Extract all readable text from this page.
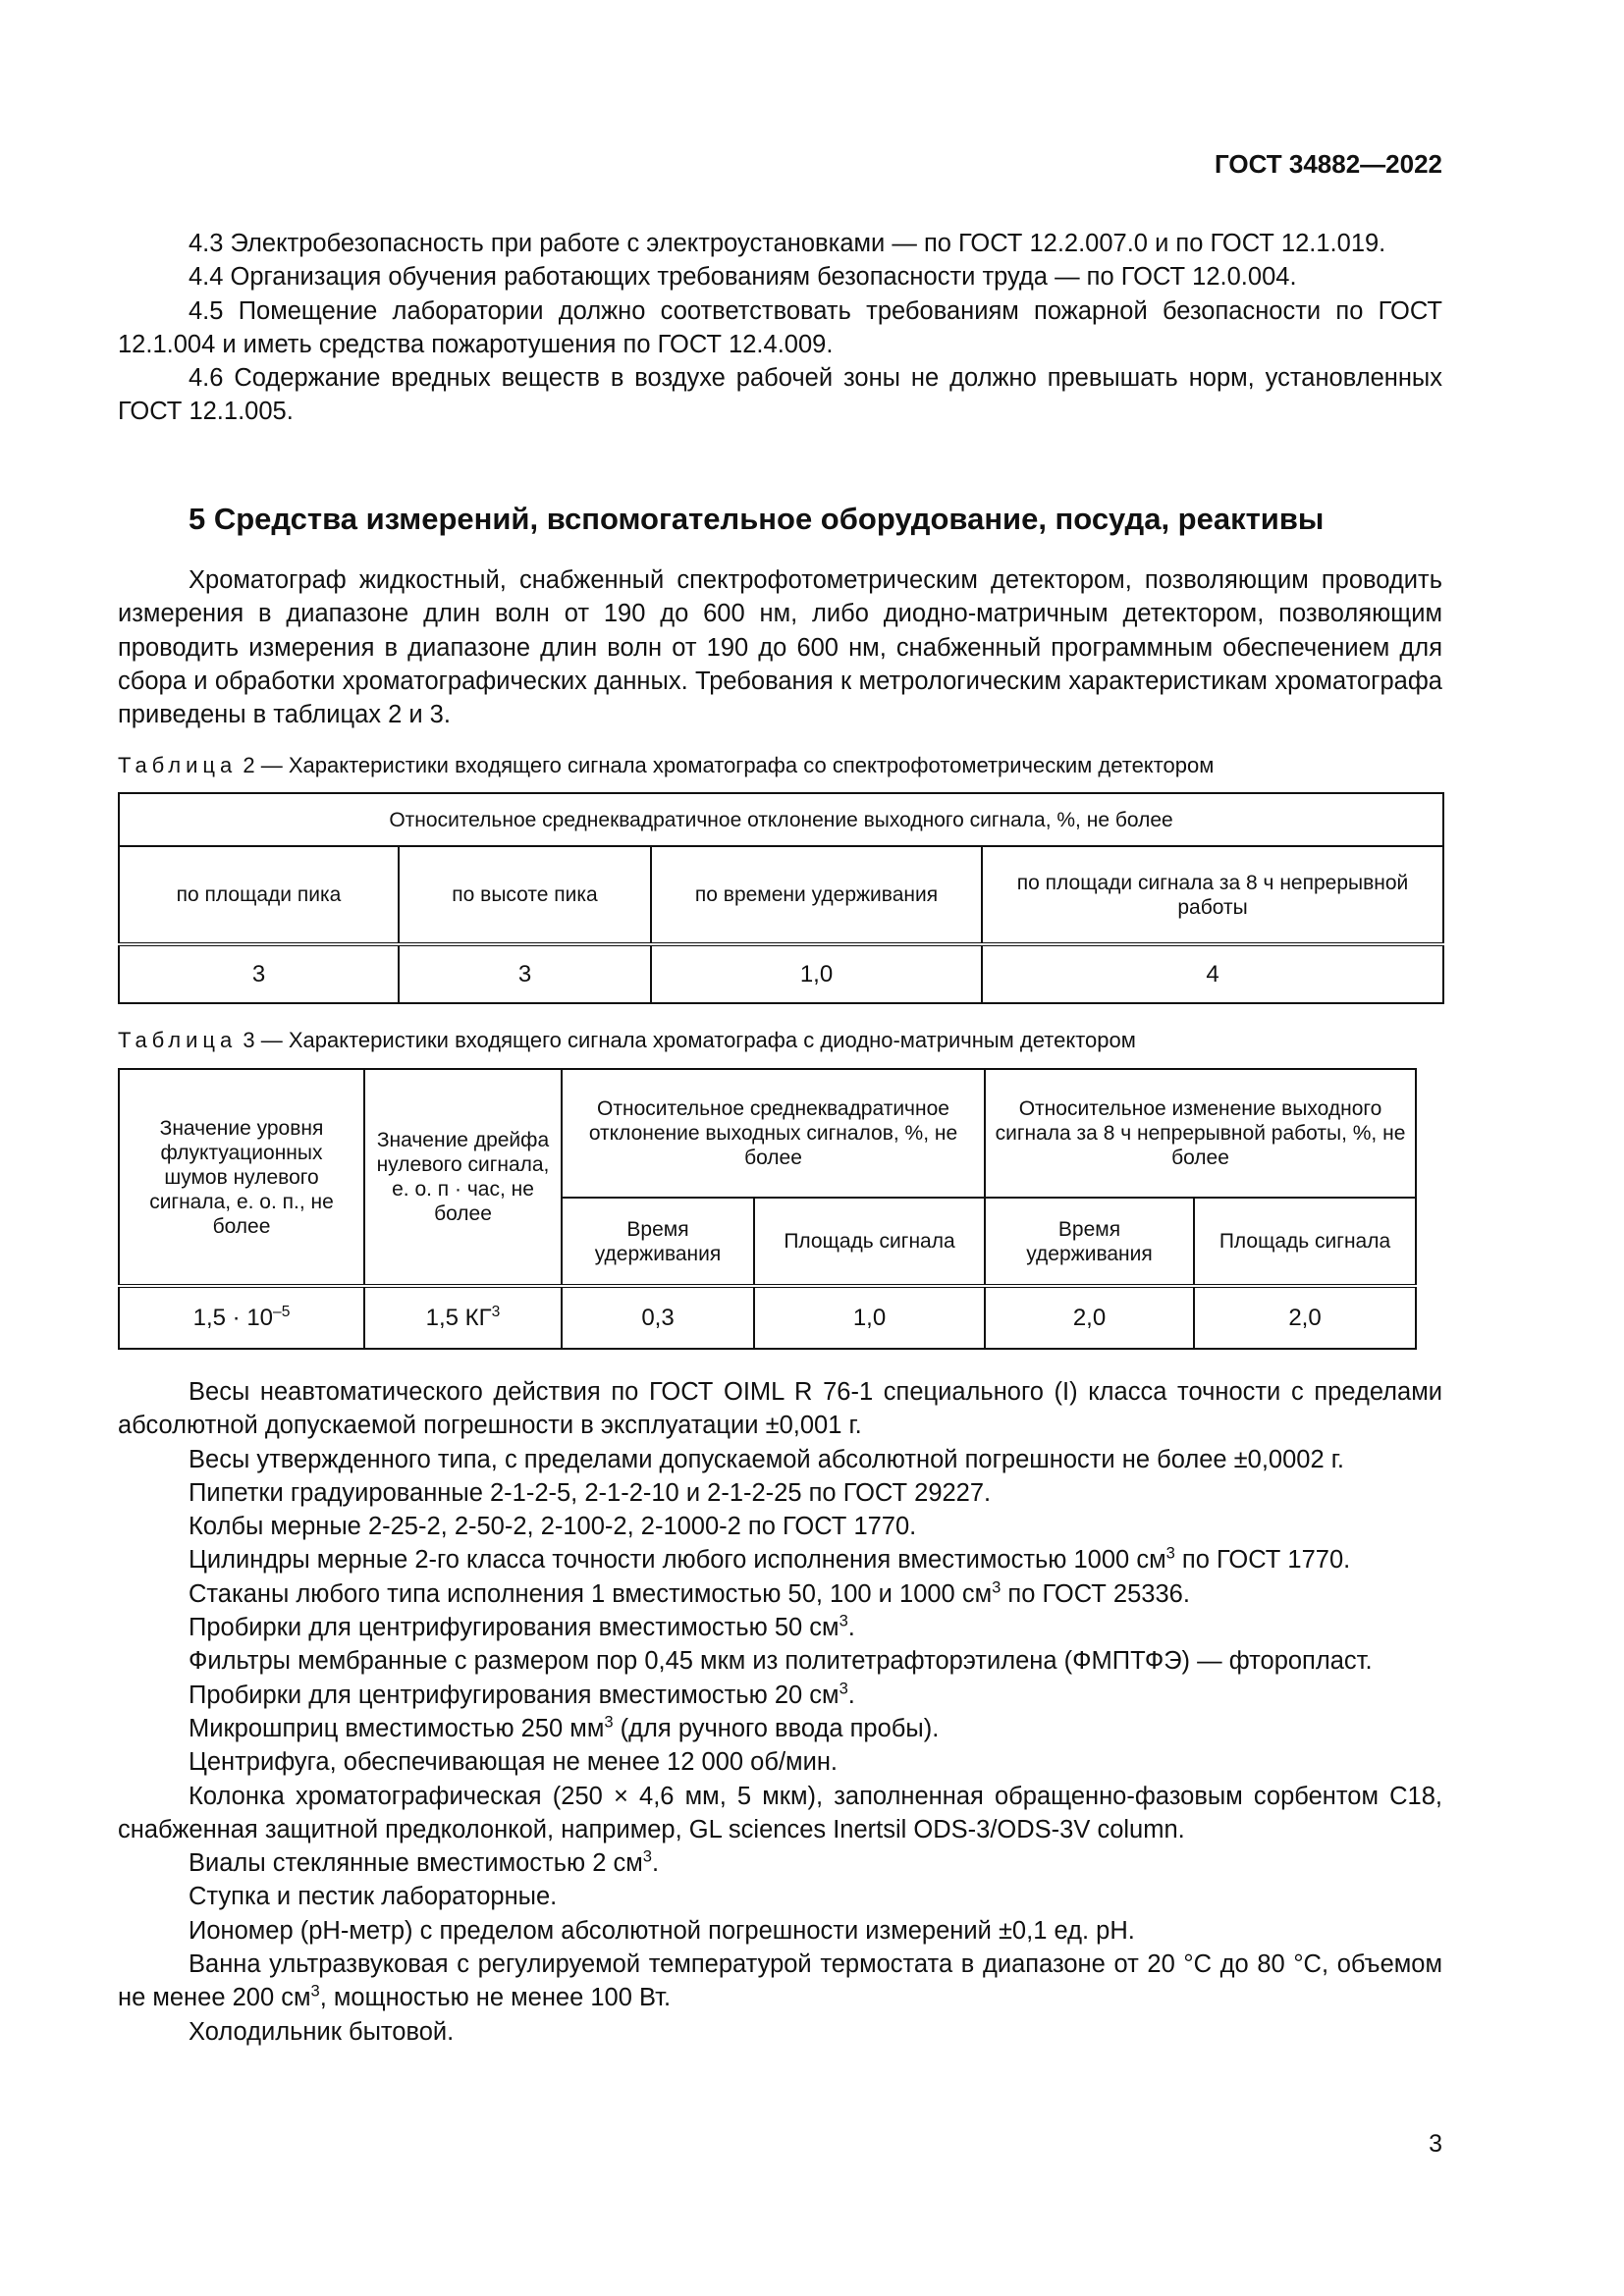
ГОСТ 34882—2022

4.3 Электробезопасность при работе с электроустановками — по ГОСТ 12.2.007.0 и по ГОСТ 12.1.019.

4.4 Организация обучения работающих требованиям безопасности труда — по ГОСТ 12.0.004.

4.5 Помещение лаборатории должно соответствовать требованиям пожарной безопасности по ГОСТ 12.1.004 и иметь средства пожаротушения по ГОСТ 12.4.009.

4.6 Содержание вредных веществ в воздухе рабочей зоны не должно превышать норм, установленных ГОСТ 12.1.005.

5 Средства измерений, вспомогательное оборудование, посуда, реактивы

Хроматограф жидкостный, снабженный спектрофотометрическим детектором, позволяющим проводить измерения в диапазоне длин волн от 190 до 600 нм, либо диодно-матричным детектором, позволяющим проводить измерения в диапазоне длин волн от 190 до 600 нм, снабженный программным обеспечением для сбора и обработки хроматографических данных. Требования к метрологическим характеристикам хроматографа приведены в таблицах 2 и 3.

Таблица 2 — Характеристики входящего сигнала хроматографа со спектрофотометрическим детектором
Относительное среднеквадратичное отклонение выходного сигнала, %, не более			
по площади пика	по высоте пика	по времени удерживания	по площади сигнала за 8 ч непрерывной работы
3	3	1,0	4
Таблица 3 — Характеристики входящего сигнала хроматографа с диодно-матричным детектором
Значение уровня флуктуационных шумов нулевого сигнала, е. о. п., не более	Значение дрейфа нулевого сигнала, е. о. п · час, не более	Относительное среднеквадратичное отклонение выходных сигналов, %, не более		Относительное изменение выходного сигнала за 8 ч непрерывной работы, %, не более	
		Время удерживания	Площадь сигнала	Время удерживания	Площадь сигнала
$1,5 \cdot 10^{-5}$	1,5 $КГ^3$	0,3	1,0	2,0	2,0

Весы неавтоматического действия по ГОСТ OIML R 76-1 специального (I) класса точности с пределами абсолютной допускаемой погрешности в эксплуатации ±0,001 г.

Весы утвержденного типа, с пределами допускаемой абсолютной погрешности не более ±0,0002 г.

Пипетки градуированные 2-1-2-5, 2-1-2-10 и 2-1-2-25 по ГОСТ 29227.

Колбы мерные 2-25-2, 2-50-2, 2-100-2, 2-1000-2 по ГОСТ 1770.

Цилиндры мерные 2-го класса точности любого исполнения вместимостью 1000 $см^3$ по ГОСТ 1770.

Стаканы любого типа исполнения 1 вместимостью 50, 100 и 1000 $см^3$ по ГОСТ 25336.

Пробирки для центрифугирования вместимостью 50 $см^3$.

Фильтры мембранные с размером пор 0,45 мкм из политетрафторэтилена (ФМПТФЭ) — фторопласт.

Пробирки для центрифугирования вместимостью 20 $см^3$.

Микрошприц вместимостью 250 $мм^3$ (для ручного ввода пробы).

Центрифуга, обеспечивающая не менее 12 000 об/мин.

Колонка хроматографическая (250 × 4,6 мм, 5 мкм), заполненная обращенно-фазовым сорбентом С18, снабженная защитной предколонкой, например, GL sciences Inertsil ODS-3/ODS-3V column.

Виалы стеклянные вместимостью 2 $см^3$.

Ступка и пестик лабораторные.

Иономер (рН-метр) с пределом абсолютной погрешности измерений ±0,1 ед. рН.

Ванна ультразвуковая с регулируемой температурой термостата в диапазоне от 20 °С до 80 °С, объемом не менее 200 $см^3$, мощностью не менее 100 Вт.

Холодильник бытовой.

3
